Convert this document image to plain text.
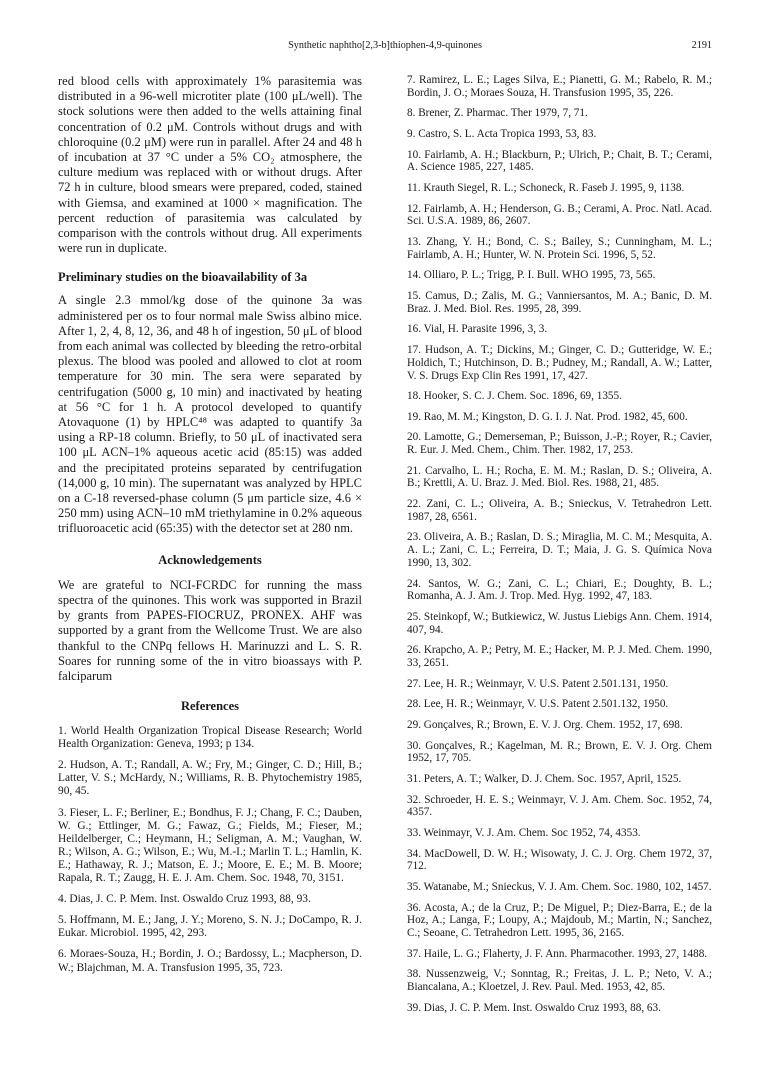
Synthetic naphtho[2,3-b]thiophen-4,9-quinones	2191

red blood cells with approximately 1% parasitemia was distributed in a 96-well microtiter plate (100 μL/well). The stock solutions were then added to the wells attaining final concentration of 0.2 μM. Controls without drugs and with chloroquine (0.2 μM) were run in parallel. After 24 and 48 h of incubation at 37 °C under a 5% CO₂ atmosphere, the culture medium was replaced with or without drugs. After 72 h in culture, blood smears were prepared, coded, stained with Giemsa, and examined at 1000 × magnification. The percent reduction of parasitemia was calculated by comparison with the controls without drug. All experiments were run in duplicate.

Preliminary studies on the bioavailability of 3a

A single 2.3 mmol/kg dose of the quinone 3a was administered per os to four normal male Swiss albino mice. After 1, 2, 4, 8, 12, 36, and 48 h of ingestion, 50 μL of blood from each animal was collected by bleeding the retro-orbital plexus. The blood was pooled and allowed to clot at room temperature for 30 min. The sera were separated by centrifugation (5000 g, 10 min) and inactivated by heating at 56 °C for 1 h. A protocol developed to quantify Atovaquone (1) by HPLC⁴⁸ was adapted to quantify 3a using a RP-18 column. Briefly, to 50 μL of inactivated sera 100 μL ACN–1% aqueous acetic acid (85:15) was added and the precipitated proteins separated by centrifugation (14,000 g, 10 min). The supernatant was analyzed by HPLC on a C-18 reversed-phase column (5 μm particle size, 4.6 × 250 mm) using ACN–10 mM triethylamine in 0.2% aqueous trifluoroacetic acid (65:35) with the detector set at 280 nm.

Acknowledgements

We are grateful to NCI-FCRDC for running the mass spectra of the quinones. This work was supported in Brazil by grants from PAPES-FIOCRUZ, PRONEX. AHF was supported by a grant from the Wellcome Trust. We are also thankful to the CNPq fellows H. Marinuzzi and L. S. R. Soares for running some of the in vitro bioassays with P. falciparum

References

1. World Health Organization Tropical Disease Research; World Health Organization: Geneva, 1993; p 134.

2. Hudson, A. T.; Randall, A. W.; Fry, M.; Ginger, C. D.; Hill, B.; Latter, V. S.; McHardy, N.; Williams, R. B. Phytochemistry 1985, 90, 45.

3. Fieser, L. F.; Berliner, E.; Bondhus, F. J.; Chang, F. C.; Dauben, W. G.; Ettlinger, M. G.; Fawaz, G.; Fields, M.; Fieser, M.; Heildelberger, C.; Heymann, H.; Seligman, A. M.; Vaughan, W. R.; Wilson, A. G.; Wilson, E.; Wu, M.-I.; Marlin T. L.; Hamlin, K. E.; Hathaway, R. J.; Matson, E. J.; Moore, E. E.; M. B. Moore; Rapala, R. T.; Zaugg, H. E. J. Am. Chem. Soc. 1948, 70, 3151.

4. Dias, J. C. P. Mem. Inst. Oswaldo Cruz 1993, 88, 93.

5. Hoffmann, M. E.; Jang, J. Y.; Moreno, S. N. J.; DoCampo, R. J. Eukar. Microbiol. 1995, 42, 293.

6. Moraes-Souza, H.; Bordin, J. O.; Bardossy, L.; Macpherson, D. W.; Blajchman, M. A. Transfusion 1995, 35, 723.

7. Ramirez, L. E.; Lages Silva, E.; Pianetti, G. M.; Rabelo, R. M.; Bordin, J. O.; Moraes Souza, H. Transfusion 1995, 35, 226.

8. Brener, Z. Pharmac. Ther 1979, 7, 71.

9. Castro, S. L. Acta Tropica 1993, 53, 83.

10. Fairlamb, A. H.; Blackburn, P.; Ulrich, P.; Chait, B. T.; Cerami, A. Science 1985, 227, 1485.

11. Krauth Siegel, R. L.; Schoneck, R. Faseb J. 1995, 9, 1138.

12. Fairlamb, A. H.; Henderson, G. B.; Cerami, A. Proc. Natl. Acad. Sci. U.S.A. 1989, 86, 2607.

13. Zhang, Y. H.; Bond, C. S.; Bailey, S.; Cunningham, M. L.; Fairlamb, A. H.; Hunter, W. N. Protein Sci. 1996, 5, 52.

14. Olliaro, P. L.; Trigg, P. I. Bull. WHO 1995, 73, 565.

15. Camus, D.; Zalis, M. G.; Vanniersantos, M. A.; Banic, D. M. Braz. J. Med. Biol. Res. 1995, 28, 399.

16. Vial, H. Parasite 1996, 3, 3.

17. Hudson, A. T.; Dickins, M.; Ginger, C. D.; Gutteridge, W. E.; Holdich, T.; Hutchinson, D. B.; Pudney, M.; Randall, A. W.; Latter, V. S. Drugs Exp Clin Res 1991, 17, 427.

18. Hooker, S. C. J. Chem. Soc. 1896, 69, 1355.

19. Rao, M. M.; Kingston, D. G. I. J. Nat. Prod. 1982, 45, 600.

20. Lamotte, G.; Demerseman, P.; Buisson, J.-P.; Royer, R.; Cavier, R. Eur. J. Med. Chem., Chim. Ther. 1982, 17, 253.

21. Carvalho, L. H.; Rocha, E. M. M.; Raslan, D. S.; Oliveira, A. B.; Krettli, A. U. Braz. J. Med. Biol. Res. 1988, 21, 485.

22. Zani, C. L.; Oliveira, A. B.; Snieckus, V. Tetrahedron Lett. 1987, 28, 6561.

23. Oliveira, A. B.; Raslan, D. S.; Miraglia, M. C. M.; Mesquita, A. A. L.; Zani, C. L.; Ferreira, D. T.; Maia, J. G. S. Química Nova 1990, 13, 302.

24. Santos, W. G.; Zani, C. L.; Chiari, E.; Doughty, B. L.; Romanha, A. J. Am. J. Trop. Med. Hyg. 1992, 47, 183.

25. Steinkopf, W.; Butkiewicz, W. Justus Liebigs Ann. Chem. 1914, 407, 94.

26. Krapcho, A. P.; Petry, M. E.; Hacker, M. P. J. Med. Chem. 1990, 33, 2651.

27. Lee, H. R.; Weinmayr, V. U.S. Patent 2.501.131, 1950.

28. Lee, H. R.; Weinmayr, V. U.S. Patent 2.501.132, 1950.

29. Gonçalves, R.; Brown, E. V. J. Org. Chem. 1952, 17, 698.

30. Gonçalves, R.; Kagelman, M. R.; Brown, E. V. J. Org. Chem 1952, 17, 705.

31. Peters, A. T.; Walker, D. J. Chem. Soc. 1957, April, 1525.

32. Schroeder, H. E. S.; Weinmayr, V. J. Am. Chem. Soc. 1952, 74, 4357.

33. Weinmayr, V. J. Am. Chem. Soc 1952, 74, 4353.

34. MacDowell, D. W. H.; Wisowaty, J. C. J. Org. Chem 1972, 37, 712.

35. Watanabe, M.; Snieckus, V. J. Am. Chem. Soc. 1980, 102, 1457.

36. Acosta, A.; de la Cruz, P.; De Miguel, P.; Diez-Barra, E.; de la Hoz, A.; Langa, F.; Loupy, A.; Majdoub, M.; Martin, N.; Sanchez, C.; Seoane, C. Tetrahedron Lett. 1995, 36, 2165.

37. Haile, L. G.; Flaherty, J. F. Ann. Pharmacother. 1993, 27, 1488.

38. Nussenzweig, V.; Sonntag, R.; Freitas, J. L. P.; Neto, V. A.; Biancalana, A.; Kloetzel, J. Rev. Paul. Med. 1953, 42, 85.

39. Dias, J. C. P. Mem. Inst. Oswaldo Cruz 1993, 88, 63.
